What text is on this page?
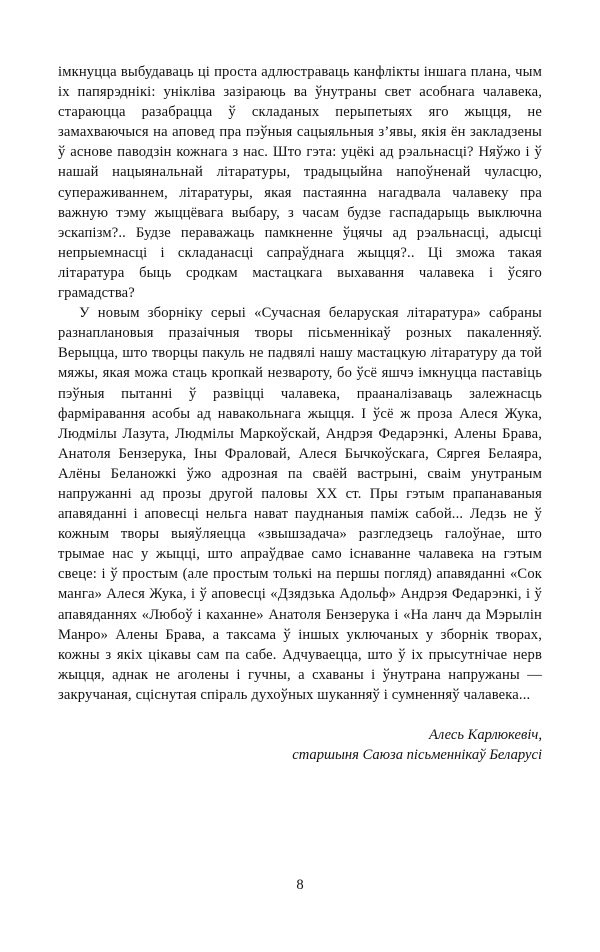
імкнуцца выбудаваць ці проста адлюстраваць канфлікты іншага плана, чым іх папярэднікі: унікліва зазіраюць ва ўнутраны свет асобнага чалавека, стараюцца разабрацца ў складаных перыпетыях яго жыцця, не замахваючыся на аповед пра пэўныя сацыяльныя з’явы, якія ён закладзены ў аснове паводзін кожнага з нас. Што гэта: уцёкі ад рэальнасці? Няўжо і ў нашай нацыянальнай літаратуры, традыцыйна напоўненай чуласцю, супераживаннем, літаратуры, якая пастаянна нагадвала чалавеку пра важную тэму жыццёвага выбару, з часам будзе гаспадарыць выключна эскапізм?.. Будзе пераважаць памкненне ўцячы ад рэальнасці, адысці непрыемнасці і складанасці сапраўднага жыцця?.. Ці зможа такая літаратура быць сродкам мастацкага выхавання чалавека і ўсяго грамадства?

У новым зборніку серыі «Сучасная беларуская літаратура» сабраны разнаплановыя празаічныя творы пісьменнікаў розных пакаленняў. Верыцца, што творцы пакуль не падвялі нашу мастацкую літаратуру да той мяжы, якая можа стаць кропкай незвароту, бо ўсё яшчэ імкнуцца паставіць пэўныя пытанні ў развіцці чалавека, прааналізаваць залежнасць фарміравання асобы ад навакольнага жыцця. І ўсё ж проза Алеся Жука, Людмілы Лазута, Людмілы Маркоўскай, Андрэя Федарэнкі, Алены Брава, Анатоля Бензерука, Іны Фраловай, Алеся Бычкоўскага, Сяргея Белаяра, Алёны Беланожкі ўжо адрозная па сваёй вастрыні, сваім унутраным напружанні ад прозы другой паловы XX ст. Пры гэтым прапанаваныя апавяданні і аповесці нельга нават пayднаныя паміж сабой... Ледзь не ў кожным творы выяўляецца «звышзадача» разгледзець галоўнае, што трымае нас у жыцці, што апраўдвае само існаванне чалавека на гэтым свеце: і ў простым (але простым толькі на першы погляд) апавяданні «Сок манга» Алеся Жука, і ў аповесці «Дзядзька Адольф» Андрэя Федарэнкі, і ў апавяданнях «Любоў і каханне» Анатоля Бензерука і «На ланч да Мэрылін Манро» Алены Брава, а таксама ў іншых уключаных у зборнік творах, кожны з якіх цікавы сам па сабе. Адчуваецца, што ў іх прысутнічае нерв жыцця, аднак не аголены і гучны, а схаваны і ўнутрана напружаны — закручаная, сціснутая спіраль духоўных шуканняў і сумненняў чалавека...

Алесь Карлюкевіч,
старшыня Саюза пісьменнікаў Беларусі
8
